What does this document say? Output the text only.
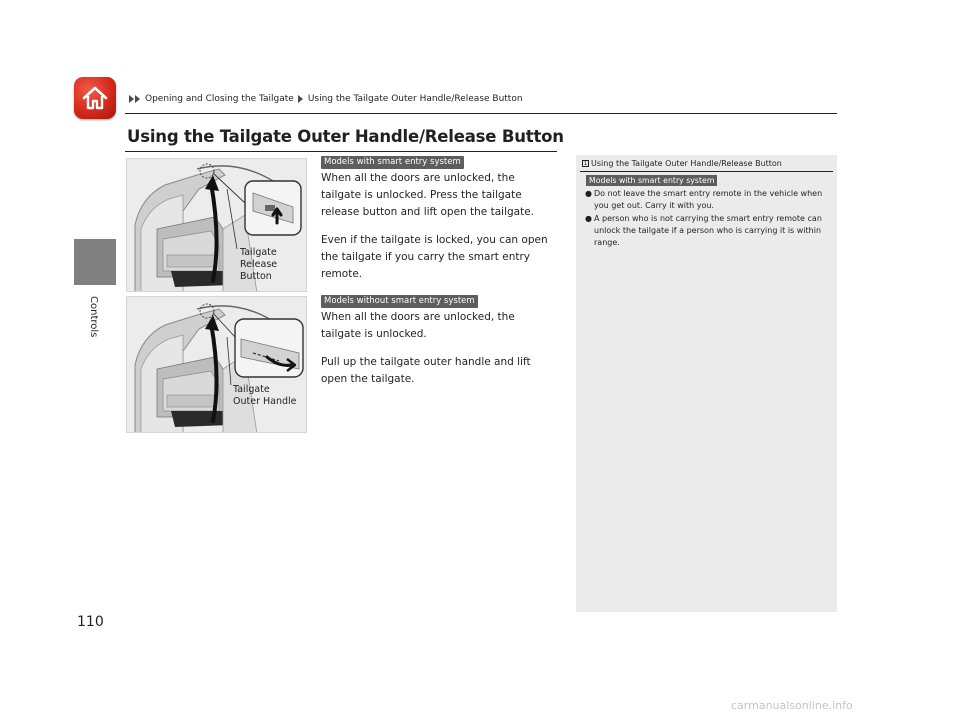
Opening and Closing the Tailgate Using the Tailgate Outer Handle/Release Button
Controls
110
Using the Tailgate Outer Handle/Release Button
Tailgate
Release
Button
Models with smart entry system

When all the doors are unlocked, the tailgate is unlocked. Press the tailgate release button and lift open the tailgate.

Even if the tailgate is locked, you can open the tailgate if you carry the smart entry remote.

Tailgate
Outer Handle
Models without smart entry system

When all the doors are unlocked, the tailgate is unlocked.

Pull up the tailgate outer handle and lift open the tailgate.

1 Using the Tailgate Outer Handle/Release Button
Models with smart entry system
● Do not leave the smart entry remote in the vehicle when you get out. Carry it with you.
● A person who is not carrying the smart entry remote can unlock the tailgate if a person who is carrying it is within range.
carmanualsonline.info
